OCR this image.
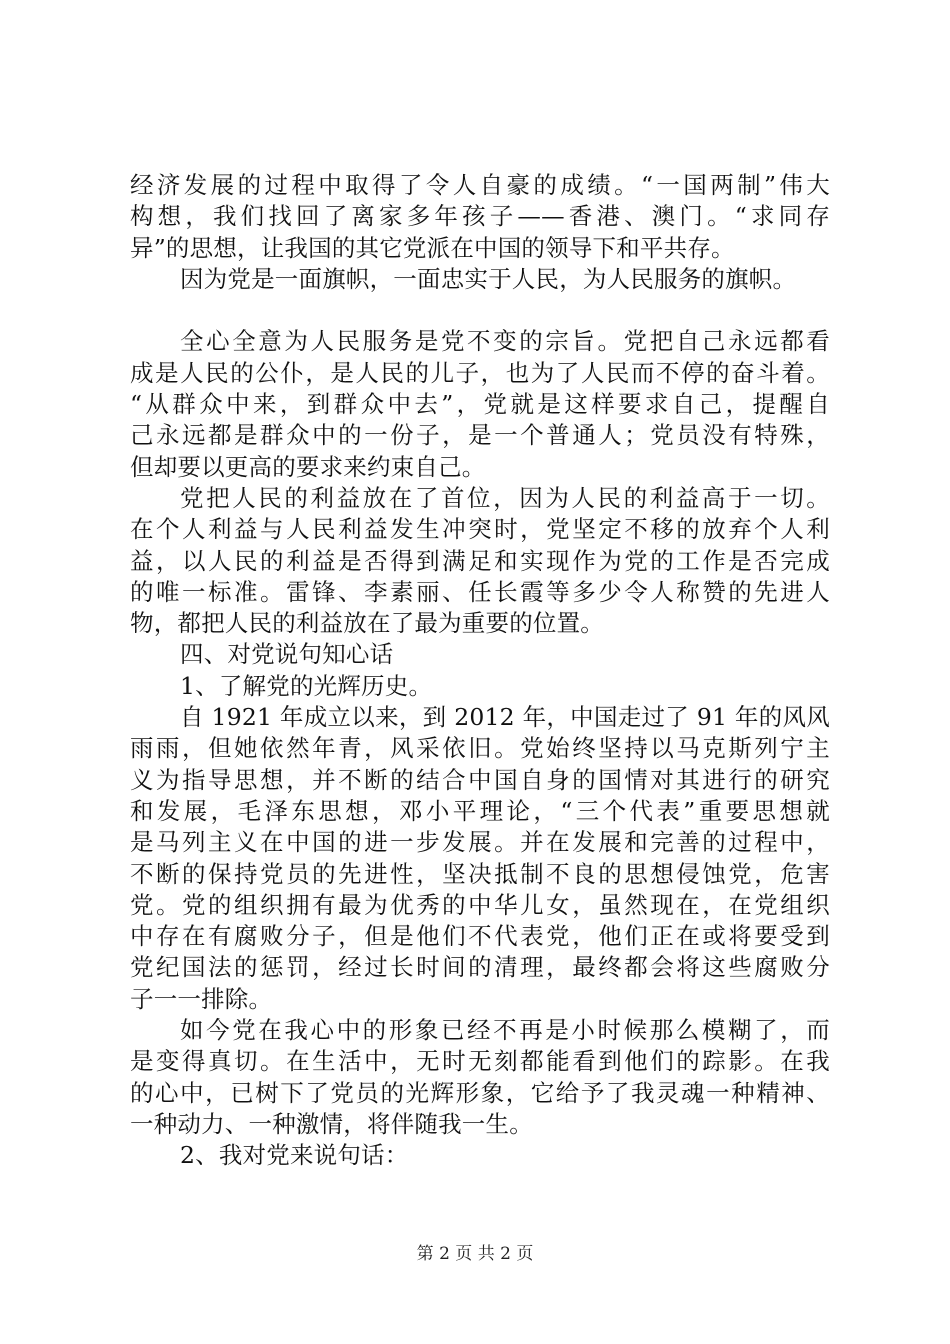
经济发展的过程中取得了令人自豪的成绩。“一国两制”伟大
构想，我们找回了离家多年孩子——香港、澳门。“求同存
异”的思想，让我国的其它党派在中国的领导下和平共存。
因为党是一面旗帜，一面忠实于人民，为人民服务的旗帜。
全心全意为人民服务是党不变的宗旨。党把自己永远都看
成是人民的公仆，是人民的儿子，也为了人民而不停的奋斗着。
“从群众中来，到群众中去”，党就是这样要求自己，提醒自
己永远都是群众中的一份子，是一个普通人；党员没有特殊，
但却要以更高的要求来约束自己。
党把人民的利益放在了首位，因为人民的利益高于一切。
在个人利益与人民利益发生冲突时，党坚定不移的放弃个人利
益，以人民的利益是否得到满足和实现作为党的工作是否完成
的唯一标准。雷锋、李素丽、任长霞等多少令人称赞的先进人
物，都把人民的利益放在了最为重要的位置。
四、对党说句知心话
1、了解党的光辉历史。
自 1921 年成立以来，到 2012 年，中国走过了 91 年的风风
雨雨，但她依然年青，风采依旧。党始终坚持以马克斯列宁主
义为指导思想，并不断的结合中国自身的国情对其进行的研究
和发展，毛泽东思想，邓小平理论，“三个代表”重要思想就
是马列主义在中国的进一步发展。并在发展和完善的过程中，
不断的保持党员的先进性，坚决抵制不良的思想侵蚀党，危害
党。党的组织拥有最为优秀的中华儿女，虽然现在，在党组织
中存在有腐败分子，但是他们不代表党，他们正在或将要受到
党纪国法的惩罚，经过长时间的清理，最终都会将这些腐败分
子一一排除。
如今党在我心中的形象已经不再是小时候那么模糊了，而
是变得真切。在生活中，无时无刻都能看到他们的踪影。在我
的心中，已树下了党员的光辉形象，它给予了我灵魂一种精神、
一种动力、一种激情，将伴随我一生。
2、我对党来说句话：
第 2 页 共 2 页
